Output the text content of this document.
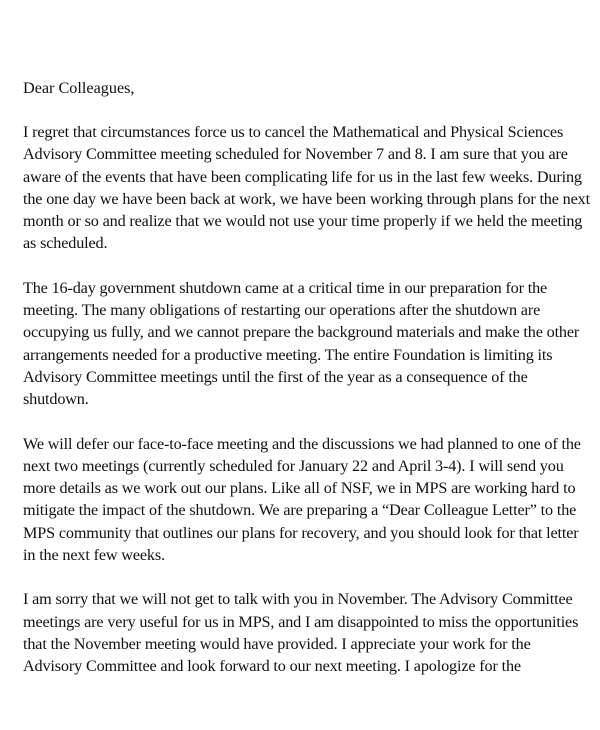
Dear Colleagues,
I regret that circumstances force us to cancel the Mathematical and Physical Sciences
Advisory Committee meeting scheduled for November 7 and 8. I am sure that you are
aware of the events that have been complicating life for us in the last few weeks. During
the one day we have been back at work, we have been working through plans for the next
month or so and realize that we would not use your time properly if we held the meeting
as scheduled.
The 16-day government shutdown came at a critical time in our preparation for the
meeting. The many obligations of restarting our operations after the shutdown are
occupying us fully, and we cannot prepare the background materials and make the other
arrangements needed for a productive meeting. The entire Foundation is limiting its
Advisory Committee meetings until the first of the year as a consequence of the
shutdown.
We will defer our face-to-face meeting and the discussions we had planned to one of the
next two meetings (currently scheduled for January 22 and April 3-4). I will send you
more details as we work out our plans. Like all of NSF, we in MPS are working hard to
mitigate the impact of the shutdown. We are preparing a “Dear Colleague Letter” to the
MPS community that outlines our plans for recovery, and you should look for that letter
in the next few weeks.
I am sorry that we will not get to talk with you in November. The Advisory Committee
meetings are very useful for us in MPS, and I am disappointed to miss the opportunities
that the November meeting would have provided. I appreciate your work for the
Advisory Committee and look forward to our next meeting. I apologize for the
